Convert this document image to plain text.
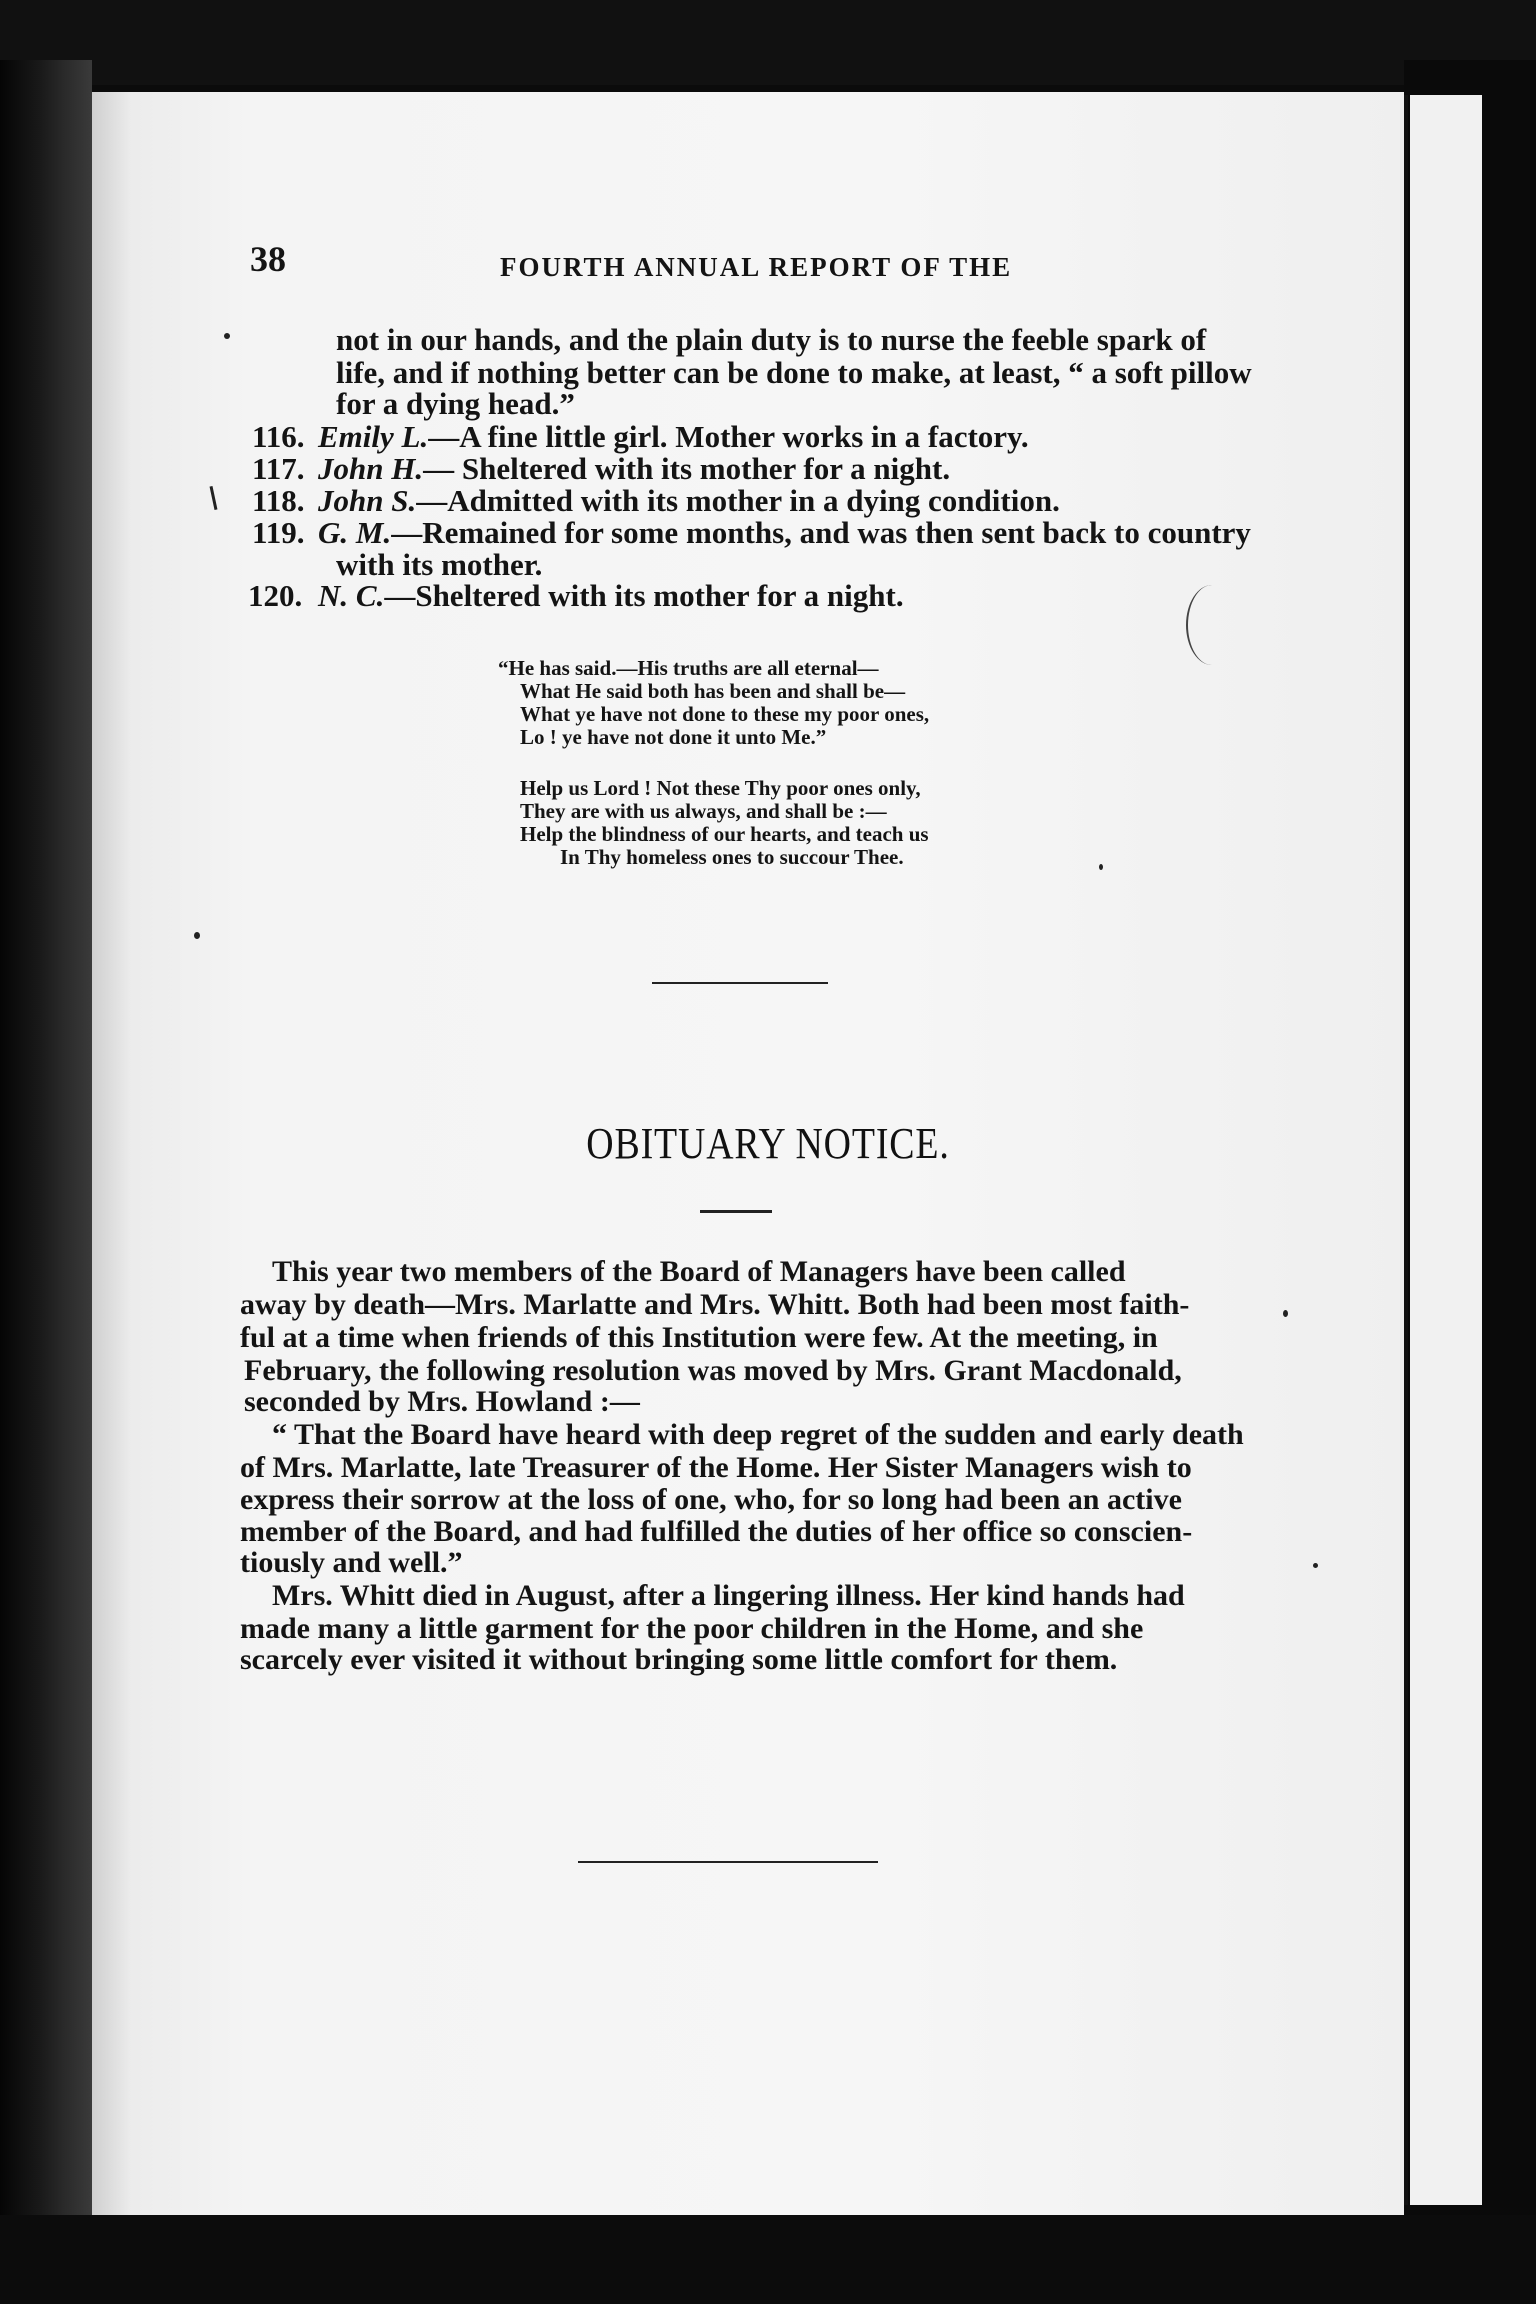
38	FOURTH ANNUAL REPORT OF THE
not in our hands, and the plain duty is to nurse the feeble spark of
life, and if nothing better can be done to make, at least, “ a soft pillow
for a dying head.”
116. Emily L.—A fine little girl. Mother works in a factory.
117. John H.— Sheltered with its mother for a night.
118. John S.—Admitted with its mother in a dying condition.
119. G. M.—Remained for some months, and was then sent back to country
with its mother.
120. N. C.—Sheltered with its mother for a night.
“He has said.—His truths are all eternal—
What He said both has been and shall be—
What ye have not done to these my poor ones,
Lo ! ye have not done it unto Me.”
Help us Lord ! Not these Thy poor ones only,
They are with us always, and shall be :—
Help the blindness of our hearts, and teach us
In Thy homeless ones to succour Thee.
OBITUARY NOTICE.
This year two members of the Board of Managers have been called
away by death—Mrs. Marlatte and Mrs. Whitt. Both had been most faith-
ful at a time when friends of this Institution were few. At the meeting, in
February, the following resolution was moved by Mrs. Grant Macdonald,
seconded by Mrs. Howland :—
“ That the Board have heard with deep regret of the sudden and early death
of Mrs. Marlatte, late Treasurer of the Home. Her Sister Managers wish to
express their sorrow at the loss of one, who, for so long had been an active
member of the Board, and had fulfilled the duties of her office so conscien-
tiously and well.”
Mrs. Whitt died in August, after a lingering illness. Her kind hands had
made many a little garment for the poor children in the Home, and she
scarcely ever visited it without bringing some little comfort for them.
